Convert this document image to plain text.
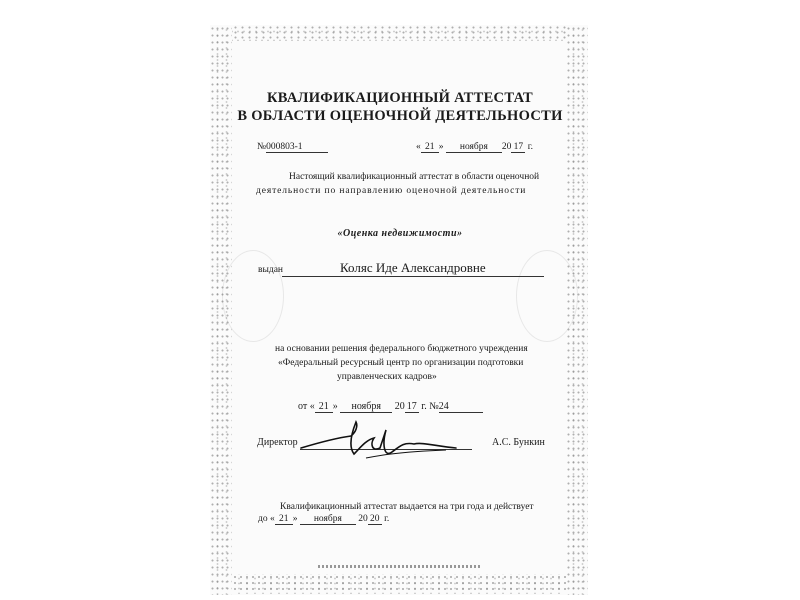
КВАЛИФИКАЦИОННЫЙ АТТЕСТАТ
В ОБЛАСТИ ОЦЕНОЧНОЙ ДЕЯТЕЛЬНОСТИ
№000803-1	« 21 » ноября 20 17 г.
Настоящий квалификационный аттестат в области оценочной
деятельности по направлению оценочной деятельности
«Оценка недвижимости»
выдан	Коляс Иде Александровне
на основании решения федерального бюджетного учреждения
«Федеральный ресурсный центр по организации подготовки
управленческих кадров»
от « 21 » ноября 20 17 г. №24
Директор	А.С. Бункин
Квалификационный аттестат выдается на три года и действует
до « 21 » ноября 20 20 г.
